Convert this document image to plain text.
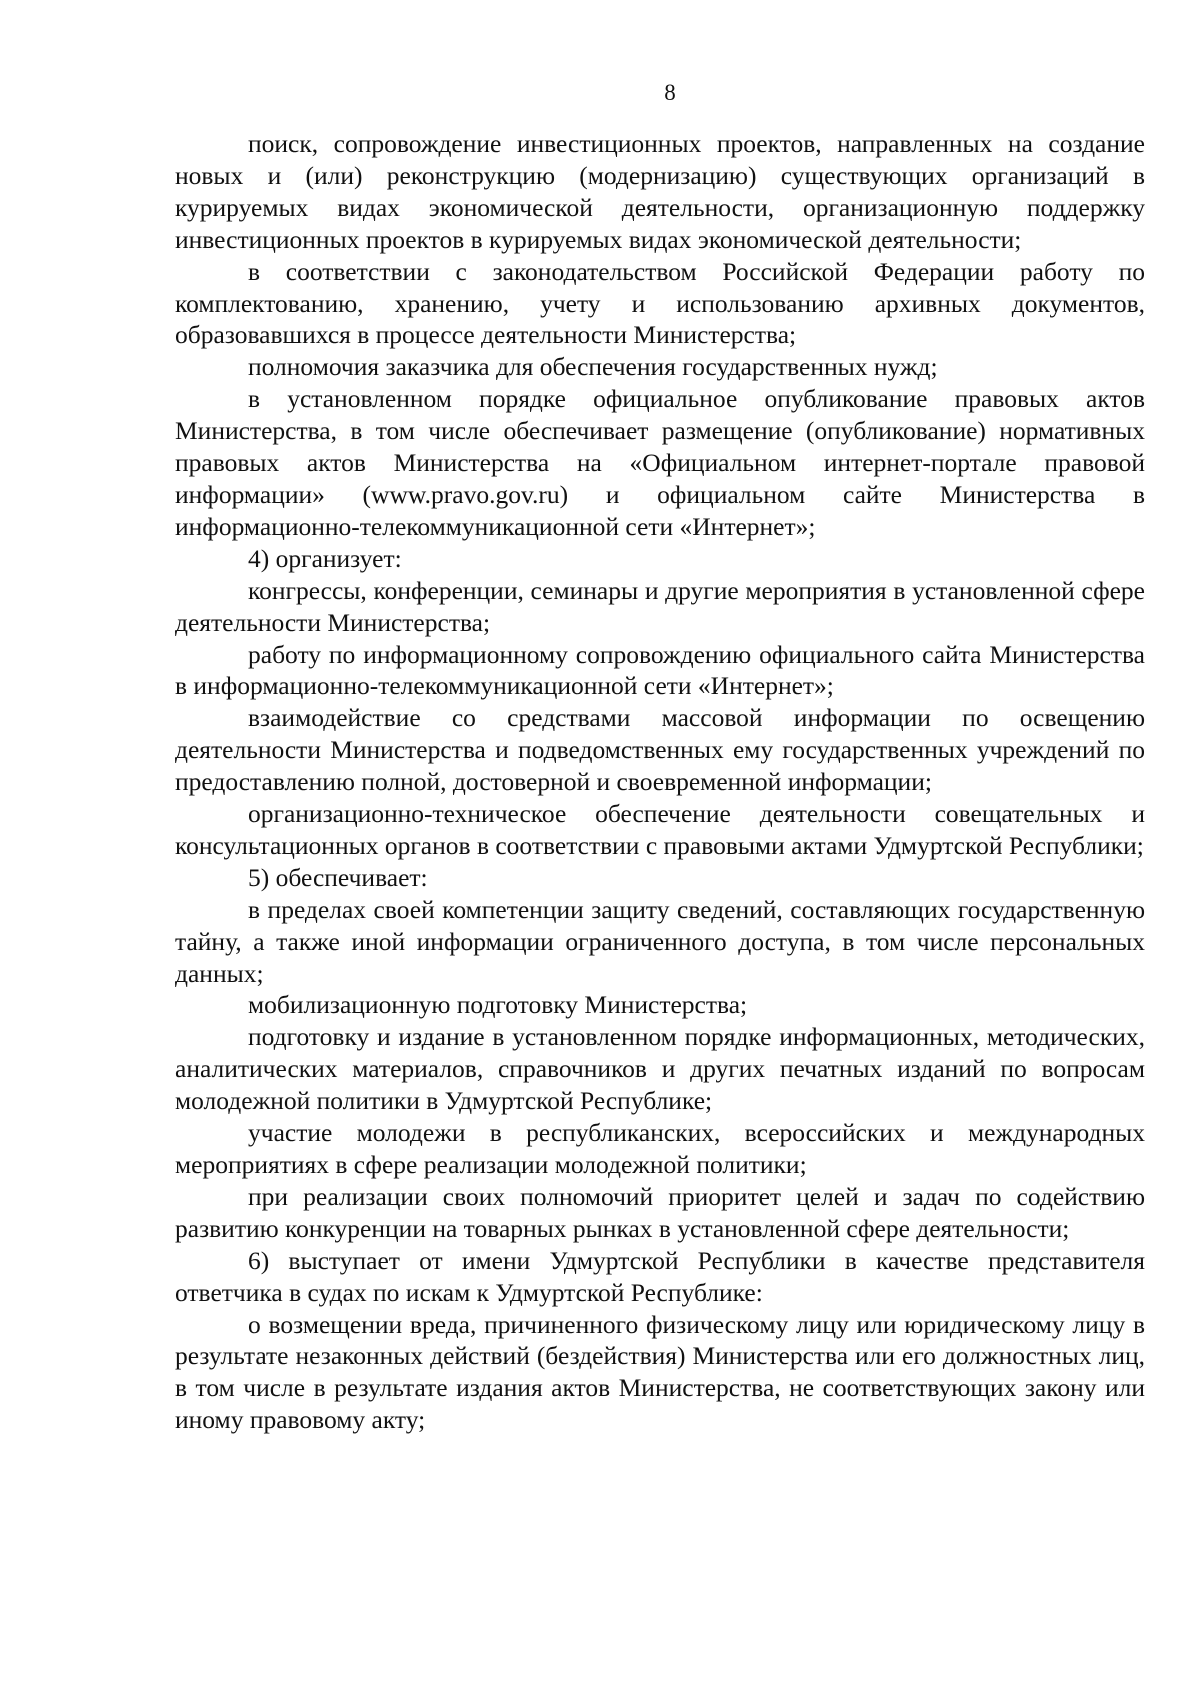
8

поиск, сопровождение инвестиционных проектов, направленных на создание новых и (или) реконструкцию (модернизацию) существующих организаций в курируемых видах экономической деятельности, организационную поддержку инвестиционных проектов в курируемых видах экономической деятельности;

в соответствии с законодательством Российской Федерации работу по комплектованию, хранению, учету и использованию архивных документов, образовавшихся в процессе деятельности Министерства;

полномочия заказчика для обеспечения государственных нужд;

в установленном порядке официальное опубликование правовых актов Министерства, в том числе обеспечивает размещение (опубликование) нормативных правовых актов Министерства на «Официальном интернет-портале правовой информации» (www.pravo.gov.ru) и официальном сайте Министерства в информационно-телекоммуникационной сети «Интернет»;

4) организует:

конгрессы, конференции, семинары и другие мероприятия в установленной сфере деятельности Министерства;

работу по информационному сопровождению официального сайта Министерства в информационно-телекоммуникационной сети «Интернет»;

взаимодействие со средствами массовой информации по освещению деятельности Министерства и подведомственных ему государственных учреждений по предоставлению полной, достоверной и своевременной информации;

организационно-техническое обеспечение деятельности совещательных и консультационных органов в соответствии с правовыми актами Удмуртской Республики;

5) обеспечивает:

в пределах своей компетенции защиту сведений, составляющих государственную тайну, а также иной информации ограниченного доступа, в том числе персональных данных;

мобилизационную подготовку Министерства;

подготовку и издание в установленном порядке информационных, методических, аналитических материалов, справочников и других печатных изданий по вопросам молодежной политики в Удмуртской Республике;

участие молодежи в республиканских, всероссийских и международных мероприятиях в сфере реализации молодежной политики;

при реализации своих полномочий приоритет целей и задач по содействию развитию конкуренции на товарных рынках в установленной сфере деятельности;

6) выступает от имени Удмуртской Республики в качестве представителя ответчика в судах по искам к Удмуртской Республике:

о возмещении вреда, причиненного физическому лицу или юридическому лицу в результате незаконных действий (бездействия) Министерства или его должностных лиц, в том числе в результате издания актов Министерства, не соответствующих закону или иному правовому акту;
